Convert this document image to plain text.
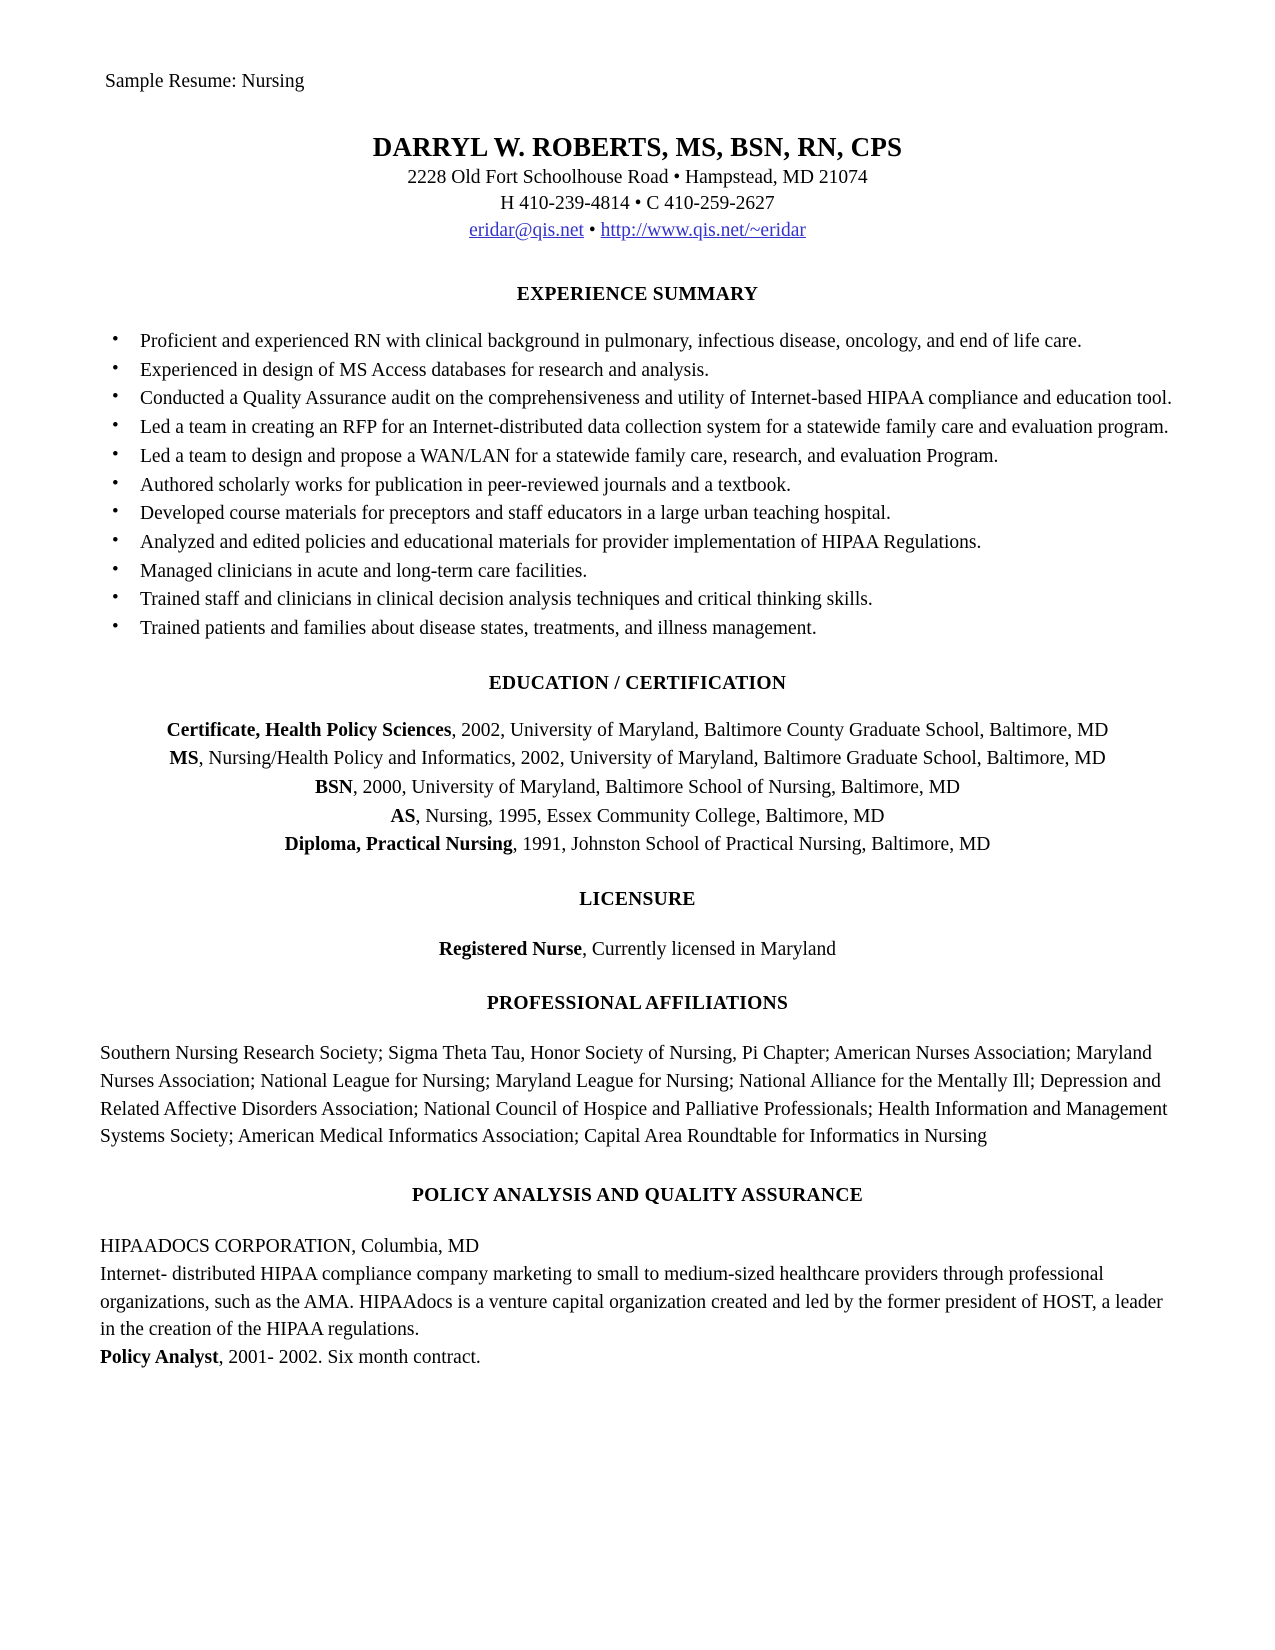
Sample Resume: Nursing
DARRYL W. ROBERTS, MS, BSN, RN, CPS
2228 Old Fort Schoolhouse Road • Hampstead, MD 21074
H 410-239-4814 • C 410-259-2627
eridar@qis.net • http://www.qis.net/~eridar
EXPERIENCE SUMMARY
• Proficient and experienced RN with clinical background in pulmonary, infectious disease, oncology, and end of life care.
• Experienced in design of MS Access databases for research and analysis.
• Conducted a Quality Assurance audit on the comprehensiveness and utility of Internet-based HIPAA compliance and education tool.
• Led a team in creating an RFP for an Internet-distributed data collection system for a statewide family care and evaluation program.
• Led a team to design and propose a WAN/LAN for a statewide family care, research, and evaluation Program.
• Authored scholarly works for publication in peer-reviewed journals and a textbook.
• Developed course materials for preceptors and staff educators in a large urban teaching hospital.
• Analyzed and edited policies and educational materials for provider implementation of HIPAA Regulations.
• Managed clinicians in acute and long-term care facilities.
• Trained staff and clinicians in clinical decision analysis techniques and critical thinking skills.
• Trained patients and families about disease states, treatments, and illness management.
EDUCATION / CERTIFICATION
Certificate, Health Policy Sciences, 2002, University of Maryland, Baltimore County Graduate School, Baltimore, MD
MS, Nursing/Health Policy and Informatics, 2002, University of Maryland, Baltimore Graduate School, Baltimore, MD
BSN, 2000, University of Maryland, Baltimore School of Nursing, Baltimore, MD
AS, Nursing, 1995, Essex Community College, Baltimore, MD
Diploma, Practical Nursing, 1991, Johnston School of Practical Nursing, Baltimore, MD
LICENSURE
Registered Nurse, Currently licensed in Maryland
PROFESSIONAL AFFILIATIONS
Southern Nursing Research Society; Sigma Theta Tau, Honor Society of Nursing, Pi Chapter; American Nurses Association; Maryland Nurses Association; National League for Nursing; Maryland League for Nursing; National Alliance for the Mentally Ill; Depression and Related Affective Disorders Association; National Council of Hospice and Palliative Professionals; Health Information and Management Systems Society; American Medical Informatics Association; Capital Area Roundtable for Informatics in Nursing
POLICY ANALYSIS AND QUALITY ASSURANCE

HIPAADOCS CORPORATION, Columbia, MD

Internet- distributed HIPAA compliance company marketing to small to medium-sized healthcare providers through professional organizations, such as the AMA. HIPAAdocs is a venture capital organization created and led by the former president of HOST, a leader in the creation of the HIPAA regulations.

Policy Analyst, 2001- 2002. Six month contract.
